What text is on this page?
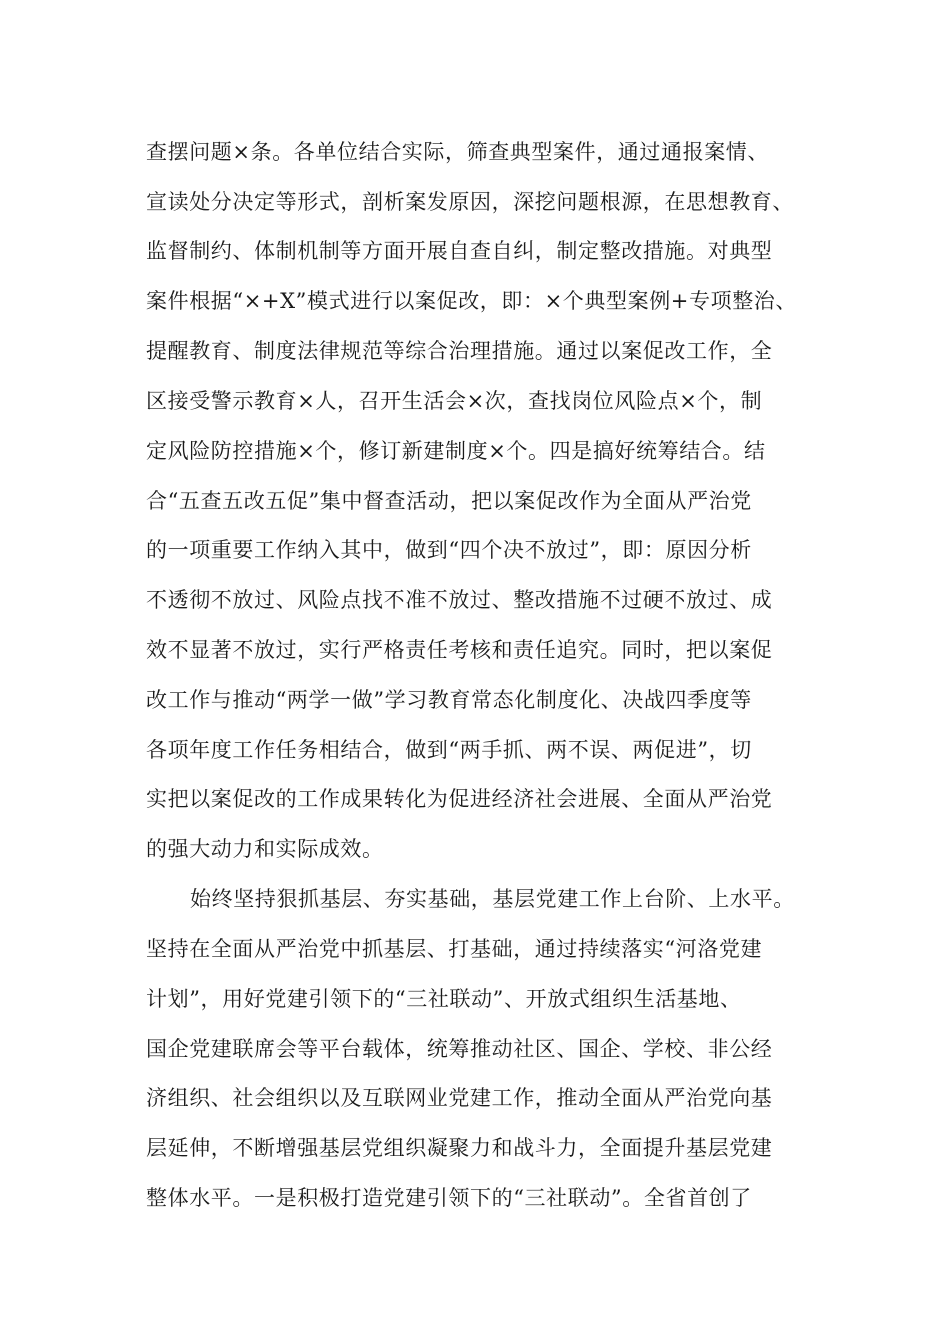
查摆问题×条。各单位结合实际，筛查典型案件，通过通报案情、
宣读处分决定等形式，剖析案发原因，深挖问题根源，在思想教育、
监督制约、体制机制等方面开展自查自纠，制定整改措施。对典型
案件根据“×+X”模式进行以案促改，即：×个典型案例+专项整治、
提醒教育、制度法律规范等综合治理措施。通过以案促改工作，全
区接受警示教育×人，召开生活会×次，查找岗位风险点×个，制
定风险防控措施×个，修订新建制度×个。四是搞好统筹结合。结
合“五查五改五促”集中督查活动，把以案促改作为全面从严治党
的一项重要工作纳入其中，做到“四个决不放过”，即：原因分析
不透彻不放过、风险点找不准不放过、整改措施不过硬不放过、成
效不显著不放过，实行严格责任考核和责任追究。同时，把以案促
改工作与推动“两学一做”学习教育常态化制度化、决战四季度等
各项年度工作任务相结合，做到“两手抓、两不误、两促进”，切
实把以案促改的工作成果转化为促进经济社会进展、全面从严治党
的强大动力和实际成效。
始终坚持狠抓基层、夯实基础，基层党建工作上台阶、上水平。
坚持在全面从严治党中抓基层、打基础，通过持续落实“河洛党建
计划”，用好党建引领下的“三社联动”、开放式组织生活基地、
国企党建联席会等平台载体，统筹推动社区、国企、学校、非公经
济组织、社会组织以及互联网业党建工作，推动全面从严治党向基
层延伸，不断增强基层党组织凝聚力和战斗力，全面提升基层党建
整体水平。一是积极打造党建引领下的“三社联动”。全省首创了
